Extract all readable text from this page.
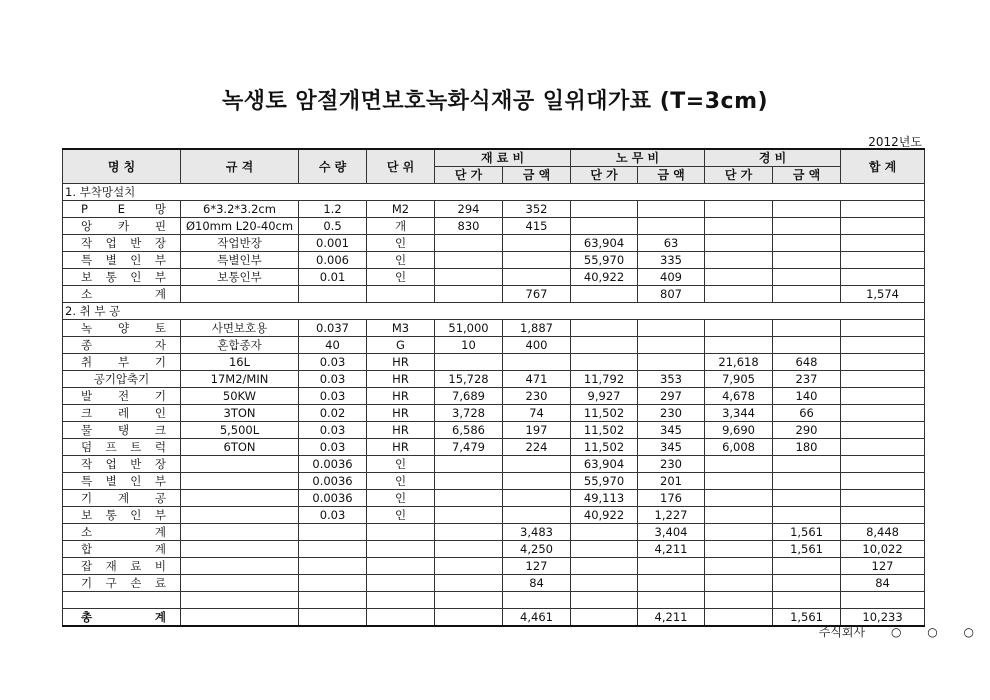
녹생토 암절개면보호녹화식재공 일위대가표 (T=3cm)
2012년도
명 칭	규 격	수 량	단 위	재 료 비		노 무 비		경 비		합 계
				단 가	금 액	단 가	금 액	단 가	금 액	
1. 부착망설치										
P E 망	6*3.2*3.2cm	1.2	M2	294	352					
앙 카 핀	Ø10mm L20-40cm	0.5	개	830	415					
작 업 반 장	작업반장	0.001	인			63,904	63			
특 별 인 부	특별인부	0.006	인			55,970	335			
보 통 인 부	보통인부	0.01	인			40,922	409			
소 계					767		807			1,574
2. 취 부 공										
녹 양 토	사면보호용	0.037	M3	51,000	1,887					
종 자	혼합종자	40	G	10	400					
취 부 기	16L	0.03	HR					21,618	648	
공기압축기	17M2/MIN	0.03	HR	15,728	471	11,792	353	7,905	237	
발 전 기	50KW	0.03	HR	7,689	230	9,927	297	4,678	140	
크 레 인	3TON	0.02	HR	3,728	74	11,502	230	3,344	66	
물 탱 크	5,500L	0.03	HR	6,586	197	11,502	345	9,690	290	
덤 프 트 럭	6TON	0.03	HR	7,479	224	11,502	345	6,008	180	
작 업 반 장		0.0036	인			63,904	230			
특 별 인 부		0.0036	인			55,970	201			
기 계 공		0.0036	인			49,113	176			
보 통 인 부		0.03	인			40,922	1,227			
소 계					3,483		3,404		1,561	8,448
합 계					4,250		4,211		1,561	10,022
잡 재 료 비					127					127
기 구 손 료					84					84

총 계					4,461		4,211		1,561	10,233
주식회사 ○ ○ ○
